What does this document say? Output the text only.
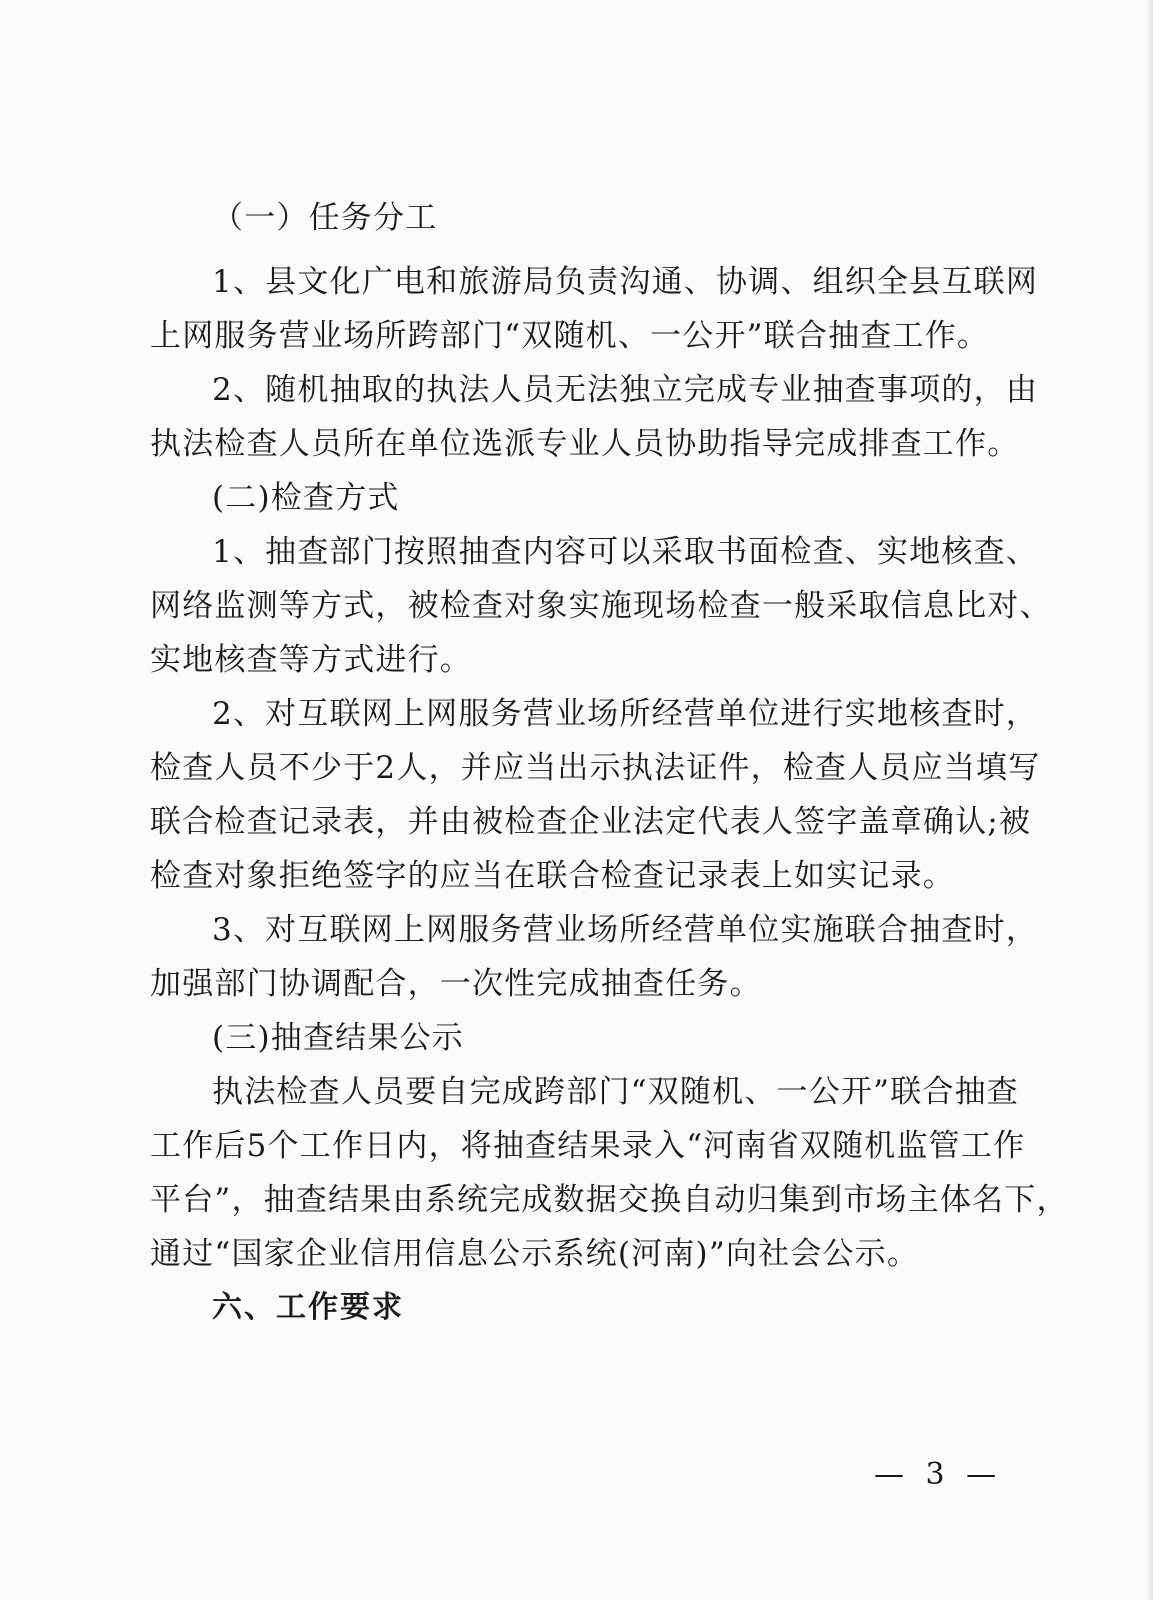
（一）任务分工
1 、 县 文 化 广 电 和 旅 游 局 负 责 沟 通 、 协 调 、 组 织 全 县 互 联 网
上网服务营业场所跨部门“双随机、一公开”联合抽查工作。
2 、 随 机 抽 取 的 执 法 人 员 无 法 独 立 完 成 专 业 抽 查 事 项 的 ， 由
执法检查人员所在单位选派专业人员协助指导完成排查工作。
(二)检查方式
1 、 抽 查 部 门 按 照 抽 查 内 容 可 以 采 取 书 面 检 查 、 实 地 核 查 、
网 络 监 测 等 方 式 ， 被 检 查 对 象 实 施 现 场 检 查 一 般 采 取 信 息 比 对 、
实地核查等方式进行。
2 、 对 互 联 网 上 网 服 务 营 业 场 所 经 营 单 位 进 行 实 地 核 查 时 ，
检 查 人 员 不 少 于 2 人 ， 并 应 当 出 示 执 法 证 件 ， 检 查 人 员 应 当 填 写
联 合 检 查 记 录 表 ， 并 由 被 检 查 企 业 法 定 代 表 人 签 字 盖 章 确 认 ; 被
检查对象拒绝签字的应当在联合检查记录表上如实记录。
3 、 对 互 联 网 上 网 服 务 营 业 场 所 经 营 单 位 实 施 联 合 抽 查 时 ，
加强部门协调配合，一次性完成抽查任务。
(三)抽查结果公示
执 法 检 查 人 员 要 自 完 成 跨 部 门 “ 双 随 机 、 一 公 开 ” 联 合 抽 查
工 作 后 5 个 工 作 日 内 ， 将 抽 查 结 果 录 入 “ 河 南 省 双 随 机 监 管 工 作
平 台 ” ， 抽 查 结 果 由 系 统 完 成 数 据 交 换 自 动 归 集 到 市 场 主 体 名 下 ，
通过“国家企业信用信息公示系统(河南)”向社会公示。
六、工作要求
— 3 —
